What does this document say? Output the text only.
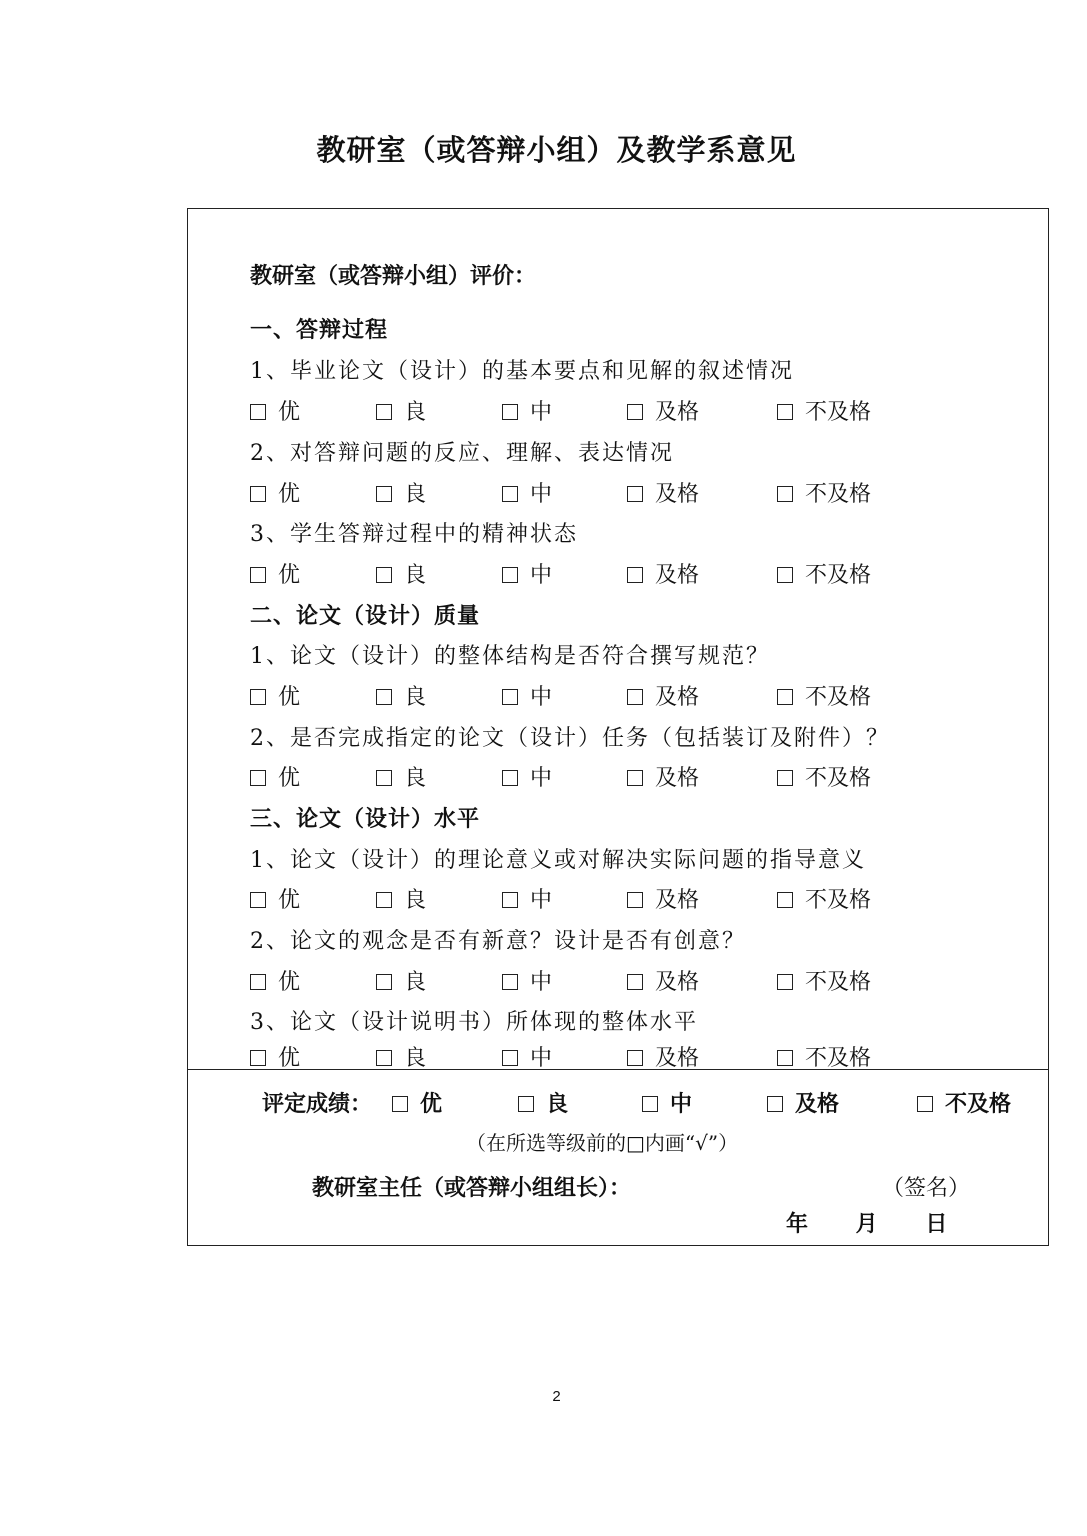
教研室（或答辩小组）及教学系意见
教研室（或答辩小组）评价：
一、答辩过程
1、毕业论文（设计）的基本要点和见解的叙述情况
优	良	中	及格	不及格
2、对答辩问题的反应、理解、表达情况
优	良	中	及格	不及格
3、学生答辩过程中的精神状态
优	良	中	及格	不及格
二、论文（设计）质量
1、论文（设计）的整体结构是否符合撰写规范？
优	良	中	及格	不及格
2、是否完成指定的论文（设计）任务（包括装订及附件）？
优	良	中	及格	不及格
三、论文（设计）水平
1、论文（设计）的理论意义或对解决实际问题的指导意义
优	良	中	及格	不及格
2、论文的观念是否有新意？设计是否有创意？
优	良	中	及格	不及格
3、论文（设计说明书）所体现的整体水平
优	良	中	及格	不及格
评定成绩：	优	良	中	及格	不及格
（在所选等级前的□内画“√”）
教研室主任（或答辩小组组长）：	（签名）
年 月 日
2
